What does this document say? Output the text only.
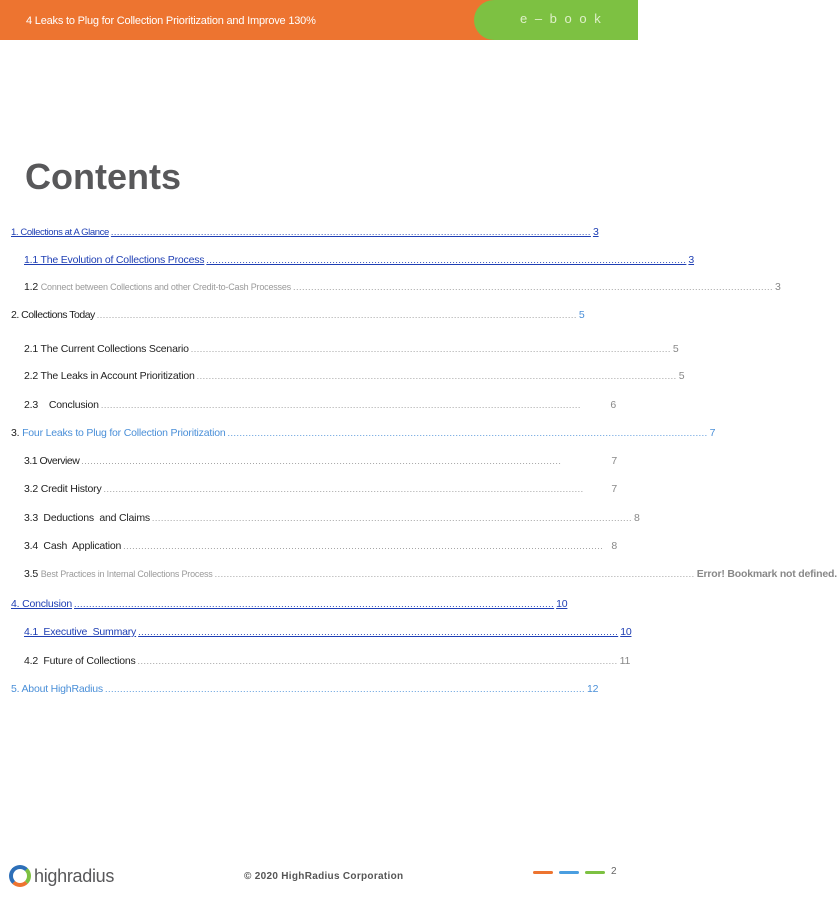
4 Leaks to Plug for Collection Prioritization and Improve 130%	e – b o o k
Contents
1. Collections at A Glance ................................................................................................................................................................ 3
1.1 The Evolution of Collections Process ................................................................................................................................................................ 3
1.2 Connect between Collections and other Credit-to-Cash Processes ................................................................................................................................................................ 3
2. Collections Today ................................................................................................................................................................ 5
2.1 The Current Collections Scenario ................................................................................................................................................................ 5
2.2 The Leaks in Account Prioritization ................................................................................................................................................................ 5
2.3    Conclusion ................................................................................................................................................................	6
3. Four Leaks to Plug for Collection Prioritization ................................................................................................................................................................ 7
3.1 Overview ................................................................................................................................................................	7
3.2 Credit History ................................................................................................................................................................	7
3.3  Deductions  and Claims ................................................................................................................................................................ 8
3.4  Cash  Application ................................................................................................................................................................ 8
3.5 Best Practices in Internal Collections Process ................................................................................................................................................................ Error! Bookmark not defined.
4. Conclusion ................................................................................................................................................................ 10
4.1  Executive  Summary ................................................................................................................................................................ 10
4.2  Future of Collections ................................................................................................................................................................ 11
5. About HighRadius ................................................................................................................................................................ 12
highradius	© 2020 HighRadius Corporation	2
